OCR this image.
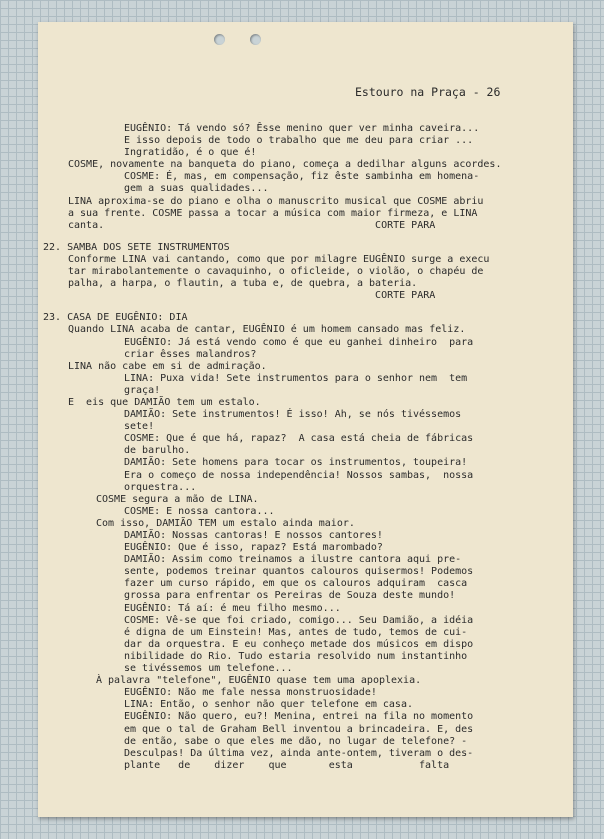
Estouro na Praça - 26
EUGÊNIO: Tá vendo só? Êsse menino quer ver minha caveira...
E isso depois de todo o trabalho que me deu para criar ...
Ingratidão, é o que é!
COSME, novamente na banqueta do piano, começa a dedilhar alguns acordes.
COSME: É, mas, em compensação, fiz êste sambinha em homena-
gem a suas qualidades...
LINA aproxima-se do piano e olha o manuscrito musical que COSME abriu
a sua frente. COSME passa a tocar a música com maior firmeza, e LINA
canta.                                             CORTE PARA
22. SAMBA DOS SETE INSTRUMENTOS
Conforme LINA vai cantando, como que por milagre EUGÊNIO surge a execu
tar mirabolantemente o cavaquinho, o oficleide, o violão, o chapéu de
palha, a harpa, o flautin, a tuba e, de quebra, a bateria.
CORTE PARA
23. CASA DE EUGÊNIO: DIA
Quando LINA acaba de cantar, EUGÊNIO é um homem cansado mas feliz.
EUGÊNIO: Já está vendo como é que eu ganhei dinheiro  para
criar êsses malandros?
LINA não cabe em si de admiração.
LINA: Puxa vida! Sete instrumentos para o senhor nem  tem
graça!
E  eis que DAMIÃO tem um estalo.
DAMIÃO: Sete instrumentos! É isso! Ah, se nós tivéssemos
sete!
COSME: Que é que há, rapaz?  A casa está cheia de fábricas
de barulho.
DAMIÃO: Sete homens para tocar os instrumentos, toupeira!
Era o começo de nossa independência! Nossos sambas,  nossa
orquestra...
COSME segura a mão de LINA.
COSME: E nossa cantora...
Com isso, DAMIÃO TEM um estalo ainda maior.
DAMIÃO: Nossas cantoras! E nossos cantores!
EUGÊNIO: Que é isso, rapaz? Está marombado?
DAMIÃO: Assim como treinamos a ilustre cantora aqui pre-
sente, podemos treinar quantos calouros quisermos! Podemos
fazer um curso rápido, em que os calouros adquiram  casca
grossa para enfrentar os Pereiras de Souza deste mundo!
EUGÊNIO: Tá aí: é meu filho mesmo...
COSME: Vê-se que foi criado, comigo... Seu Damião, a idéia
é digna de um Einstein! Mas, antes de tudo, temos de cui-
dar da orquestra. E eu conheço metade dos músicos em dispo
nibilidade do Rio. Tudo estaria resolvido num instantinho
se tivéssemos um telefone...
À palavra "telefone", EUGÊNIO quase tem uma apoplexia.
EUGÊNIO: Não me fale nessa monstruosidade!
LINA: Então, o senhor não quer telefone em casa.
EUGÊNIO: Não quero, eu?! Menina, entrei na fila no momento
em que o tal de Graham Bell inventou a brincadeira. E, des
de então, sabe o que eles me dão, no lugar de telefone? -
Desculpas! Da última vez, ainda ante-ontem, tiveram o des-
plante   de    dizer    que       esta           falta
